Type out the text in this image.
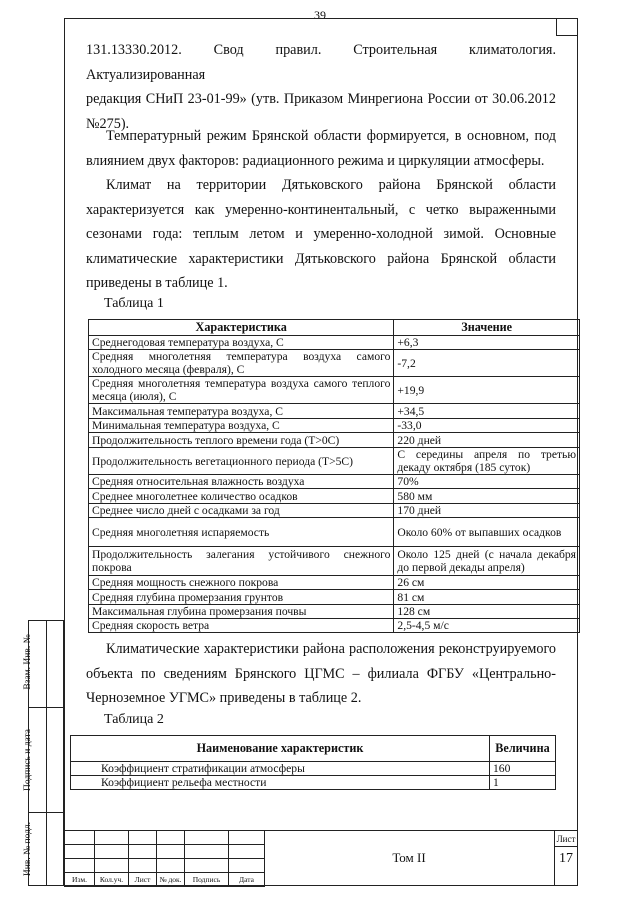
39
131.13330.2012. Свод правил. Строительная климатология. Актуализированная
редакция СНиП 23-01-99» (утв. Приказом Минрегиона России от 30.06.2012
№275).
Температурный режим Брянской области формируется, в основном, под влиянием двух факторов: радиационного режима и циркуляции атмосферы.
Климат на территории Дятьковского района Брянской области характеризуется как умеренно-континентальный, с четко выраженными сезонами года: теплым летом и умеренно-холодной зимой. Основные климатические характеристики Дятьковского района Брянской области приведены в таблице 1.
Таблица 1
Характеристика	Значение
Среднегодовая температура воздуха, С	+6,3
Средняя многолетняя температура воздуха самого холодного месяца (февраля), С	-7,2
Средняя многолетняя температура воздуха самого теплого месяца (июля), С	+19,9
Максимальная температура воздуха, С	+34,5
Минимальная температура воздуха, С	-33,0
Продолжительность теплого времени года (Т>0С)	220 дней
Продолжительность вегетационного периода (Т>5С)	С середины апреля по третью декаду октября (185 суток)
Средняя относительная влажность воздуха	70%
Среднее многолетнее количество осадков	580 мм
Среднее число дней с осадками за год	170 дней
Средняя многолетняя испаряемость	Около 60% от выпавших осадков
Продолжительность залегания устойчивого снежного покрова	Около 125 дней (с начала декабря до первой декады апреля)
Средняя мощность снежного покрова	26 см
Средняя глубина промерзания грунтов	81 см
Максимальная глубина промерзания почвы	128 см
Средняя скорость ветра	2,5-4,5 м/с
Климатические характеристики района расположения реконструируемого объекта по сведениям Брянского ЦГМС – филиала ФГБУ «Центрально-Черноземное УГМС» приведены в таблице 2.
Таблица 2
Наименование характеристик	Величина
Коэффициент стратификации атмосферы	160
Коэффициент рельефа местности	1
Взам. Инв. №
Подпись и дата
Инв. № подл.

Изм.	Кол.уч.	Лист	№ док.	Подпись	Дата
Том II
Лист
17
